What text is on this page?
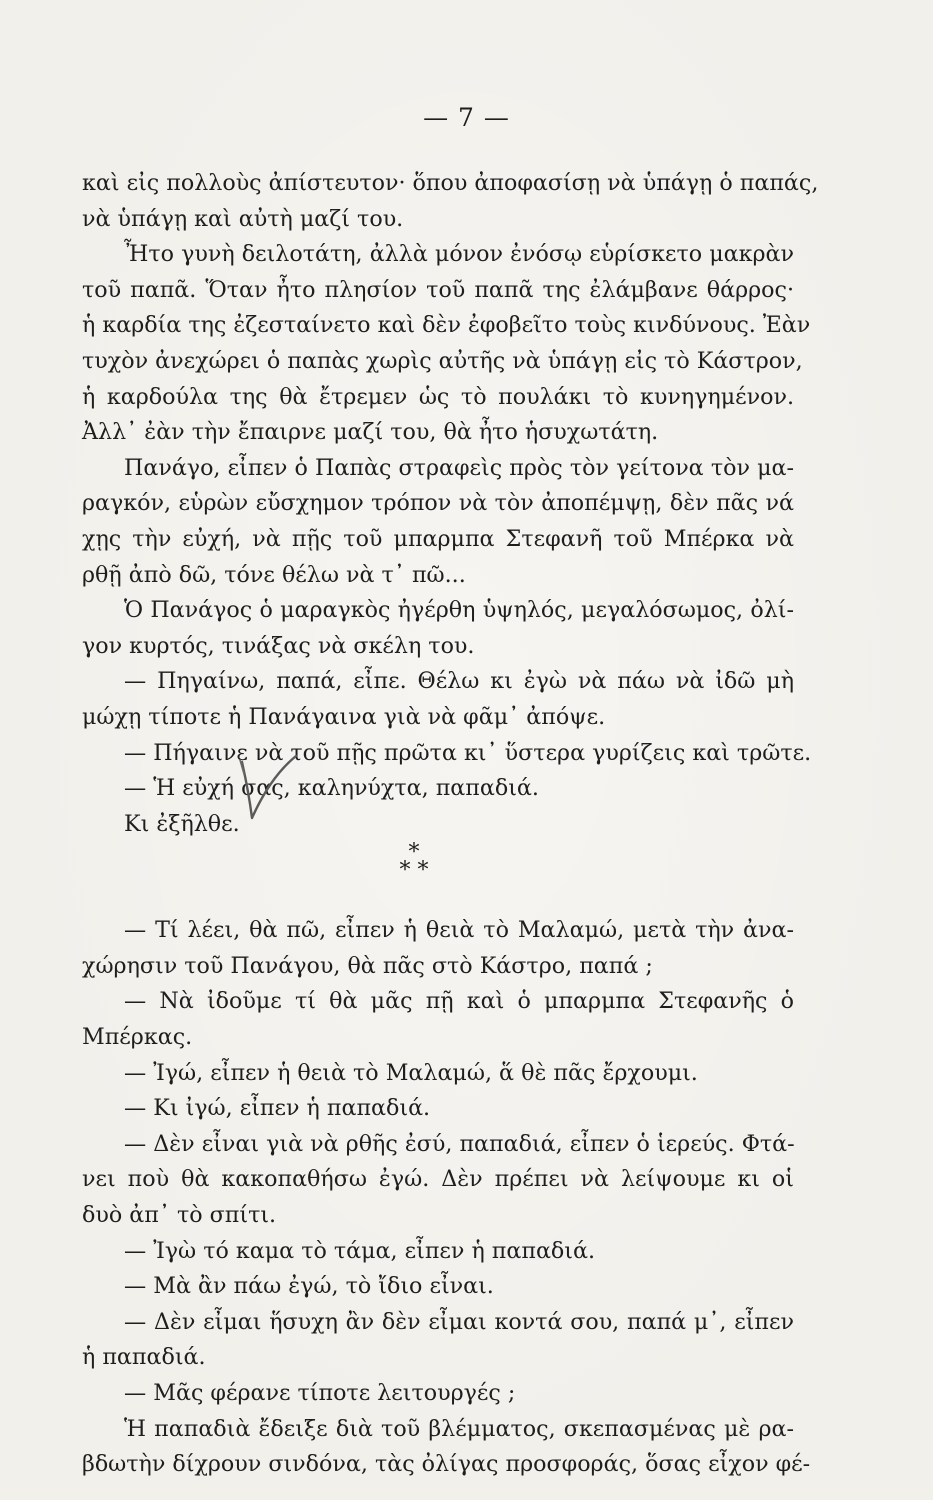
— 7 —
καὶ εἰς πολλοὺς ἀπίστευτον· ὅπου ἀποφασίσῃ νὰ ὑπάγῃ ὁ παπάς,
νὰ ὑπάγῃ καὶ αὐτὴ μαζί του.
Ἦτο γυνὴ δειλοτάτη, ἀλλὰ μόνον ἐνόσῳ εὑρίσκετο μακρὰν
τοῦ παπᾶ. Ὅταν ἦτο πλησίον τοῦ παπᾶ της ἐλάμβανε θάρρος·
ἡ καρδία της ἐζεσταίνετο καὶ δὲν ἐφοβεῖτο τοὺς κινδύνους. Ἐὰν
τυχὸν ἀνεχώρει ὁ παπὰς χωρὶς αὐτῆς νὰ ὑπάγῃ εἰς τὸ Κάστρον,
ἡ καρδούλα της θὰ ἔτρεμεν ὡς τὸ πουλάκι τὸ κυνηγημένον.
Ἀλλ᾿ ἐὰν τὴν ἔπαιρνε μαζί του, θὰ ἦτο ἡσυχωτάτη.
Πανάγο, εἶπεν ὁ Παπὰς στραφεὶς πρὸς τὸν γείτονα τὸν μα-
ραγκόν, εὑρὼν εὔσχημον τρόπον νὰ τὸν ἀποπέμψῃ, δὲν πᾶς νά
χῃς τὴν εὐχή, νὰ πῇς τοῦ μπαρμπα Στεφανῆ τοῦ Μπέρκα νὰ
ρθῇ ἀπὸ δῶ, τόνε θέλω νὰ τ᾿ πῶ...
Ὁ Πανάγος ὁ μαραγκὸς ἠγέρθη ὑψηλός, μεγαλόσωμος, ὀλί-
γον κυρτός, τινάξας νὰ σκέλη του.
— Πηγαίνω, παπά, εἶπε. Θέλω κι ἐγὼ νὰ πάω νὰ ἰδῶ μὴ
μώχῃ τίποτε ἡ Πανάγαινα γιὰ νὰ φᾶμ᾿ ἀπόψε.
— Πήγαινε νὰ τοῦ πῇς πρῶτα κι᾿ ὕστερα γυρίζεις καὶ τρῶτε.
— Ἡ εὐχή σας, καληνύχτα, παπαδιά.
Κι ἐξῆλθε.
*
* *
— Τί λέει, θὰ πῶ, εἶπεν ἡ θειὰ τὸ Μαλαμώ, μετὰ τὴν ἀνα-
χώρησιν τοῦ Πανάγου, θὰ πᾶς στὸ Κάστρο, παπά ;
— Νὰ ἰδοῦμε τί θὰ μᾶς πῇ καὶ ὁ μπαρμπα Στεφανῆς ὁ
Μπέρκας.
— Ἰγώ, εἶπεν ἡ θειὰ τὸ Μαλαμώ, ἅ θὲ πᾶς ἔρχουμι.
— Κι ἰγώ, εἶπεν ἡ παπαδιά.
— Δὲν εἶναι γιὰ νὰ ρθῆς ἐσύ, παπαδιά, εἶπεν ὁ ἱερεύς. Φτά-
νει ποὺ θὰ κακοπαθήσω ἐγώ. Δὲν πρέπει νὰ λείψουμε κι οἱ
δυὸ ἀπ᾿ τὸ σπίτι.
— Ἰγὼ τό καμα τὸ τάμα, εἶπεν ἡ παπαδιά.
— Μὰ ἂν πάω ἐγώ, τὸ ἴδιο εἶναι.
— Δὲν εἶμαι ἥσυχη ἂν δὲν εἶμαι κοντά σου, παπά μ᾿, εἶπεν
ἡ παπαδιά.
— Μᾶς φέρανε τίποτε λειτουργές ;
Ἡ παπαδιὰ ἔδειξε διὰ τοῦ βλέμματος, σκεπασμένας μὲ ρα-
βδωτὴν δίχρουν σινδόνα, τὰς ὀλίγας προσφοράς, ὅσας εἶχον φέ-
